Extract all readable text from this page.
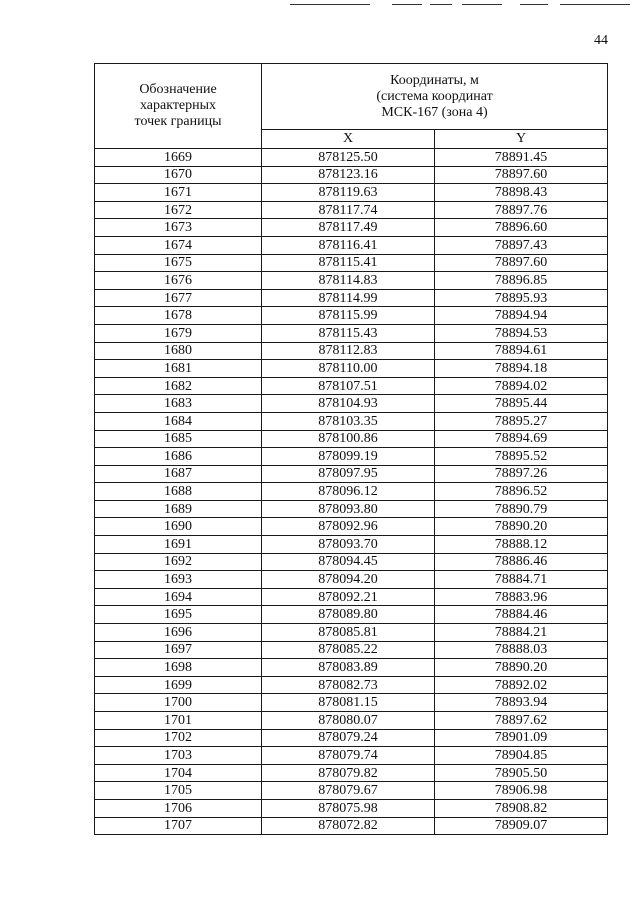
44
Обозначение
характерных
точек границы	Координаты, м
(система координат
МСК-167 (зона 4)	

	X	Y
1669	878125.50	78891.45
1670	878123.16	78897.60
1671	878119.63	78898.43
1672	878117.74	78897.76
1673	878117.49	78896.60
1674	878116.41	78897.43
1675	878115.41	78897.60
1676	878114.83	78896.85
1677	878114.99	78895.93
1678	878115.99	78894.94
1679	878115.43	78894.53
1680	878112.83	78894.61
1681	878110.00	78894.18
1682	878107.51	78894.02
1683	878104.93	78895.44
1684	878103.35	78895.27
1685	878100.86	78894.69
1686	878099.19	78895.52
1687	878097.95	78897.26
1688	878096.12	78896.52
1689	878093.80	78890.79
1690	878092.96	78890.20
1691	878093.70	78888.12
1692	878094.45	78886.46
1693	878094.20	78884.71
1694	878092.21	78883.96
1695	878089.80	78884.46
1696	878085.81	78884.21
1697	878085.22	78888.03
1698	878083.89	78890.20
1699	878082.73	78892.02
1700	878081.15	78893.94
1701	878080.07	78897.62
1702	878079.24	78901.09
1703	878079.74	78904.85
1704	878079.82	78905.50
1705	878079.67	78906.98
1706	878075.98	78908.82
1707	878072.82	78909.07
